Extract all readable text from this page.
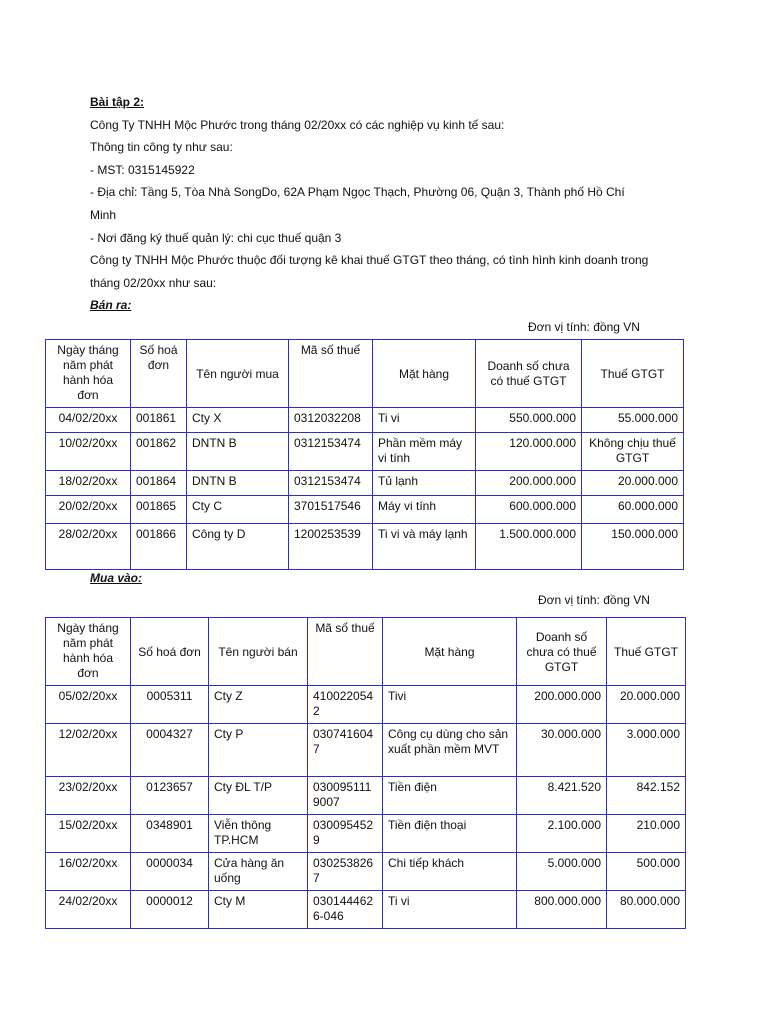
Bài tập 2:

Công Ty TNHH Mộc Phước trong tháng 02/20xx có các nghiệp vụ kinh tế sau:

Thông tin công ty như sau:

- MST: 0315145922

- Địa chỉ: Tầng 5, Tòa Nhà SongDo, 62A Phạm Ngọc Thạch, Phường 06, Quận 3, Thành phố Hồ Chí

Minh

- Nơi đăng ký thuế quản lý: chi cục thuế quận 3

Công ty TNHH Mộc Phước thuộc đối tượng kê khai thuế GTGT theo tháng, có tình hình kinh doanh trong

tháng 02/20xx như sau:

Bán ra:

Đơn vị tính: đồng VN
Ngày tháng năm phát hành hóa đơn	Số hoá đơn	Tên người mua	Mã số thuế	Mặt hàng	Doanh số chưa có thuế GTGT	Thuế GTGT
04/02/20xx	001861	Cty X	0312032208	Ti vi	550.000.000	55.000.000
10/02/20xx	001862	DNTN B	0312153474	Phần mềm máy vi tính	120.000.000	Không chịu thuế GTGT
18/02/20xx	001864	DNTN B	0312153474	Tủ lạnh	200.000.000	20.000.000
20/02/20xx	001865	Cty C	3701517546	Máy vi tính	600.000.000	60.000.000
28/02/20xx	001866	Công ty D	1200253539	Ti vi và máy lạnh	1.500.000.000	150.000.000
Mua vào:
Đơn vị tính: đồng VN
Ngày tháng năm phát hành hóa đơn	Số hoá đơn	Tên người bán	Mã số thuế	Mặt hàng	Doanh số chưa có thuế GTGT	Thuế GTGT
05/02/20xx	0005311	Cty Z	4100220542	Tivi	200.000.000	20.000.000
12/02/20xx	0004327	Cty P	0307416047	Công cụ dùng cho sản xuất phần mềm MVT	30.000.000	3.000.000
23/02/20xx	0123657	Cty ĐL T/P	0300951119007	Tiền điện	8.421.520	842.152
15/02/20xx	0348901	Viễn thông TP.HCM	0300954529	Tiền điện thoại	2.100.000	210.000
16/02/20xx	0000034	Cửa hàng ăn uống	0302538267	Chi tiếp khách	5.000.000	500.000
24/02/20xx	0000012	Cty M	0301444626-046	Ti vi	800.000.000	80.000.000
